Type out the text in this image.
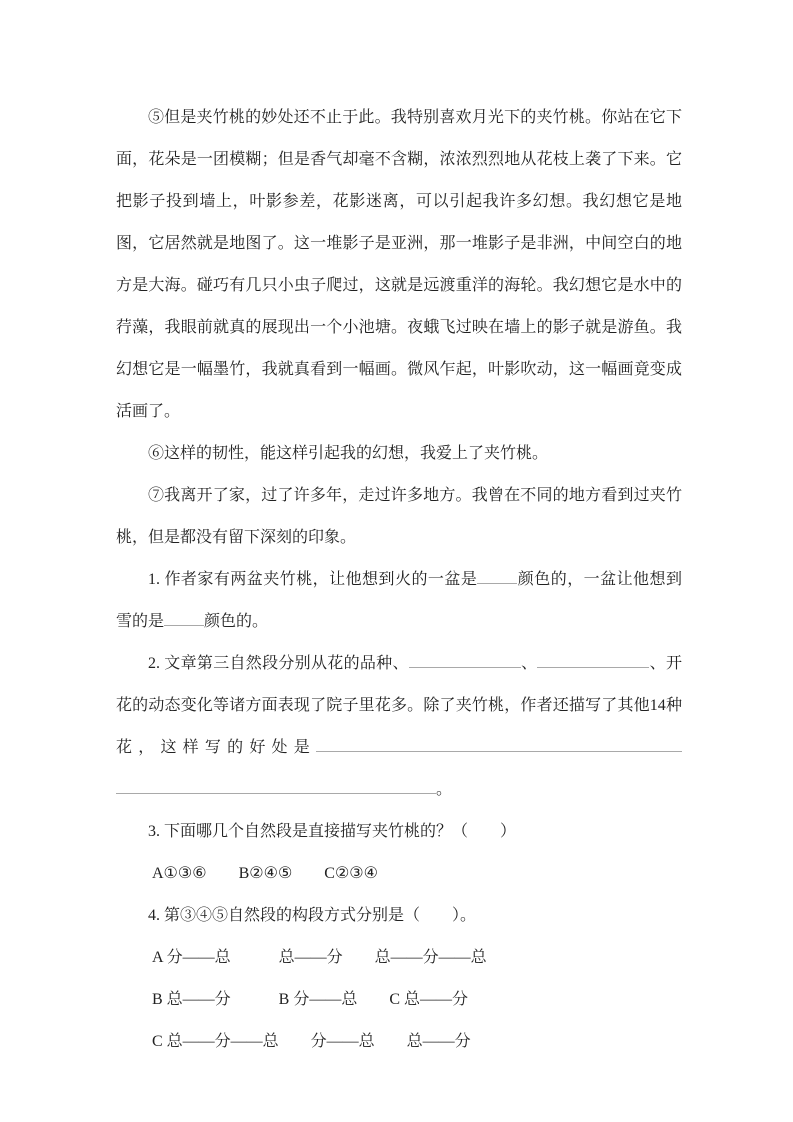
⑤但是夹竹桃的妙处还不止于此。我特别喜欢月光下的夹竹桃。你站在它下面，花朵是一团模糊；但是香气却毫不含糊，浓浓烈烈地从花枝上袭了下来。它把影子投到墙上，叶影参差，花影迷离，可以引起我许多幻想。我幻想它是地图，它居然就是地图了。这一堆影子是亚洲，那一堆影子是非洲，中间空白的地方是大海。碰巧有几只小虫子爬过，这就是远渡重洋的海轮。我幻想它是水中的荇藻，我眼前就真的展现出一个小池塘。夜蛾飞过映在墙上的影子就是游鱼。我幻想它是一幅墨竹，我就真看到一幅画。微风乍起，叶影吹动，这一幅画竟变成活画了。

⑥这样的韧性，能这样引起我的幻想，我爱上了夹竹桃。

⑦我离开了家，过了许多年，走过许多地方。我曾在不同的地方看到过夹竹桃，但是都没有留下深刻的印象。

1. 作者家有两盆夹竹桃，让他想到火的一盆是	颜色的，一盆让他想到雪的是	颜色的。

2. 文章第三自然段分别从花的品种、	、	、开花的动态变化等诸方面表现了院子里花多。除了夹竹桃，作者还描写了其他14种花，这样写的好处是。

3. 下面哪几个自然段是直接描写夹竹桃的？（　　）

A①③⑥　　B②④⑤　　C②③④

4. 第③④⑤自然段的构段方式分别是（　　）。

A 分——总　　　总——分　　总——分——总

B 总——分　　　B 分——总　　C 总——分

C 总——分——总　　分——总　　总——分
